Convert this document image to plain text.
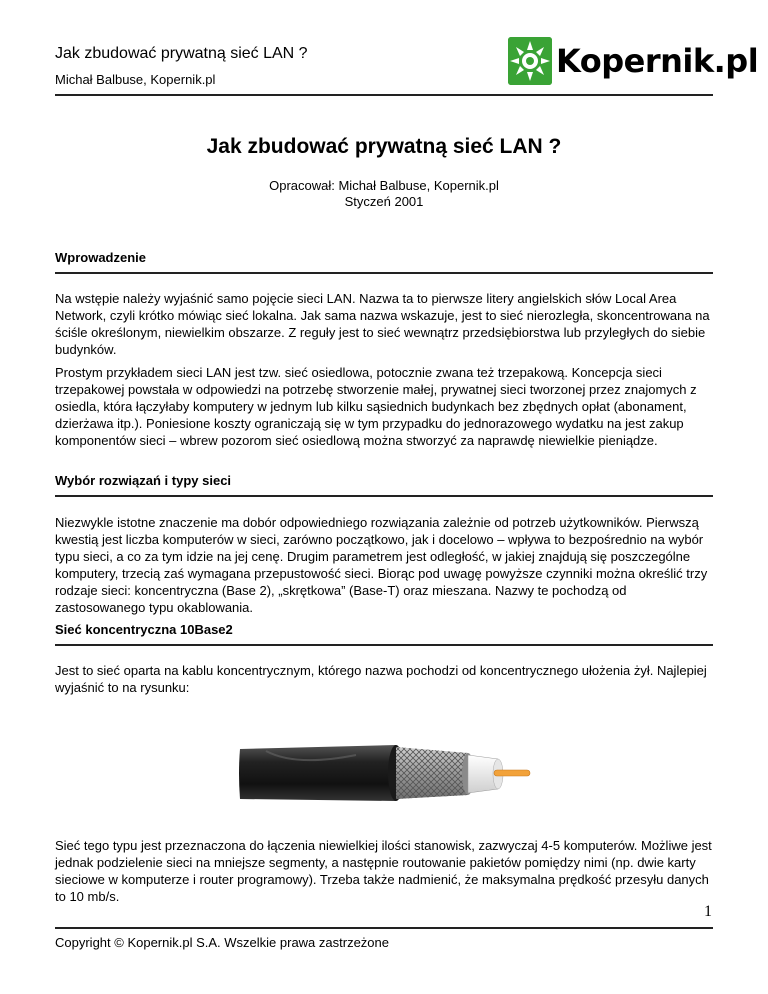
Jak zbudować prywatną sieć LAN ?
Michał Balbuse, Kopernik.pl	Kopernik.pl
Jak zbudować prywatną sieć LAN ?
Opracował: Michał Balbuse, Kopernik.pl
Styczeń 2001
Wprowadzenie

Na wstępie należy wyjaśnić samo pojęcie sieci LAN. Nazwa ta to pierwsze litery angielskich słów Local Area Network, czyli krótko mówiąc sieć lokalna. Jak sama nazwa wskazuje, jest to sieć nierozległa, skoncentrowana na ściśle określonym, niewielkim obszarze. Z reguły jest to sieć wewnątrz przedsiębiorstwa lub przyległych do siebie budynków.

Prostym przykładem sieci LAN jest tzw. sieć osiedlowa, potocznie zwana też trzepakową. Koncepcja sieci trzepakowej powstała w odpowiedzi na potrzebę stworzenie małej, prywatnej sieci tworzonej przez znajomych z osiedla, która łączyłaby komputery w jednym lub kilku sąsiednich budynkach bez zbędnych opłat (abonament, dzierżawa itp.). Poniesione koszty ograniczają się w tym przypadku do jednorazowego wydatku na jest zakup komponentów sieci – wbrew pozorom sieć osiedlową można stworzyć za naprawdę niewielkie pieniądze.

Wybór rozwiązań i typy sieci

Niezwykle istotne znaczenie ma dobór odpowiedniego rozwiązania zależnie od potrzeb użytkowników. Pierwszą kwestią jest liczba komputerów w sieci, zarówno początkowo, jak i docelowo – wpływa to bezpośrednio na wybór typu sieci, a co za tym idzie na jej cenę. Drugim parametrem jest odległość, w jakiej znajdują się poszczególne komputery, trzecią zaś wymagana przepustowość sieci. Biorąc pod uwagę powyższe czynniki można określić trzy rodzaje sieci: koncentryczna (Base 2), „skrętkowa” (Base-T) oraz mieszana. Nazwy te pochodzą od zastosowanego typu okablowania.

Sieć koncentryczna 10Base2

Jest to sieć oparta na kablu koncentrycznym, którego nazwa pochodzi od koncentrycznego ułożenia żył. Najlepiej wyjaśnić to na rysunku:

Sieć tego typu jest przeznaczona do łączenia niewielkiej ilości stanowisk, zazwyczaj 4-5 komputerów. Możliwe jest jednak podzielenie sieci na mniejsze segmenty, a następnie routowanie pakietów pomiędzy nimi (np. dwie karty sieciowe w komputerze i router programowy). Trzeba także nadmienić, że maksymalna prędkość przesyłu danych to 10 mb/s.

1
Copyright © Kopernik.pl S.A. Wszelkie prawa zastrzeżone
